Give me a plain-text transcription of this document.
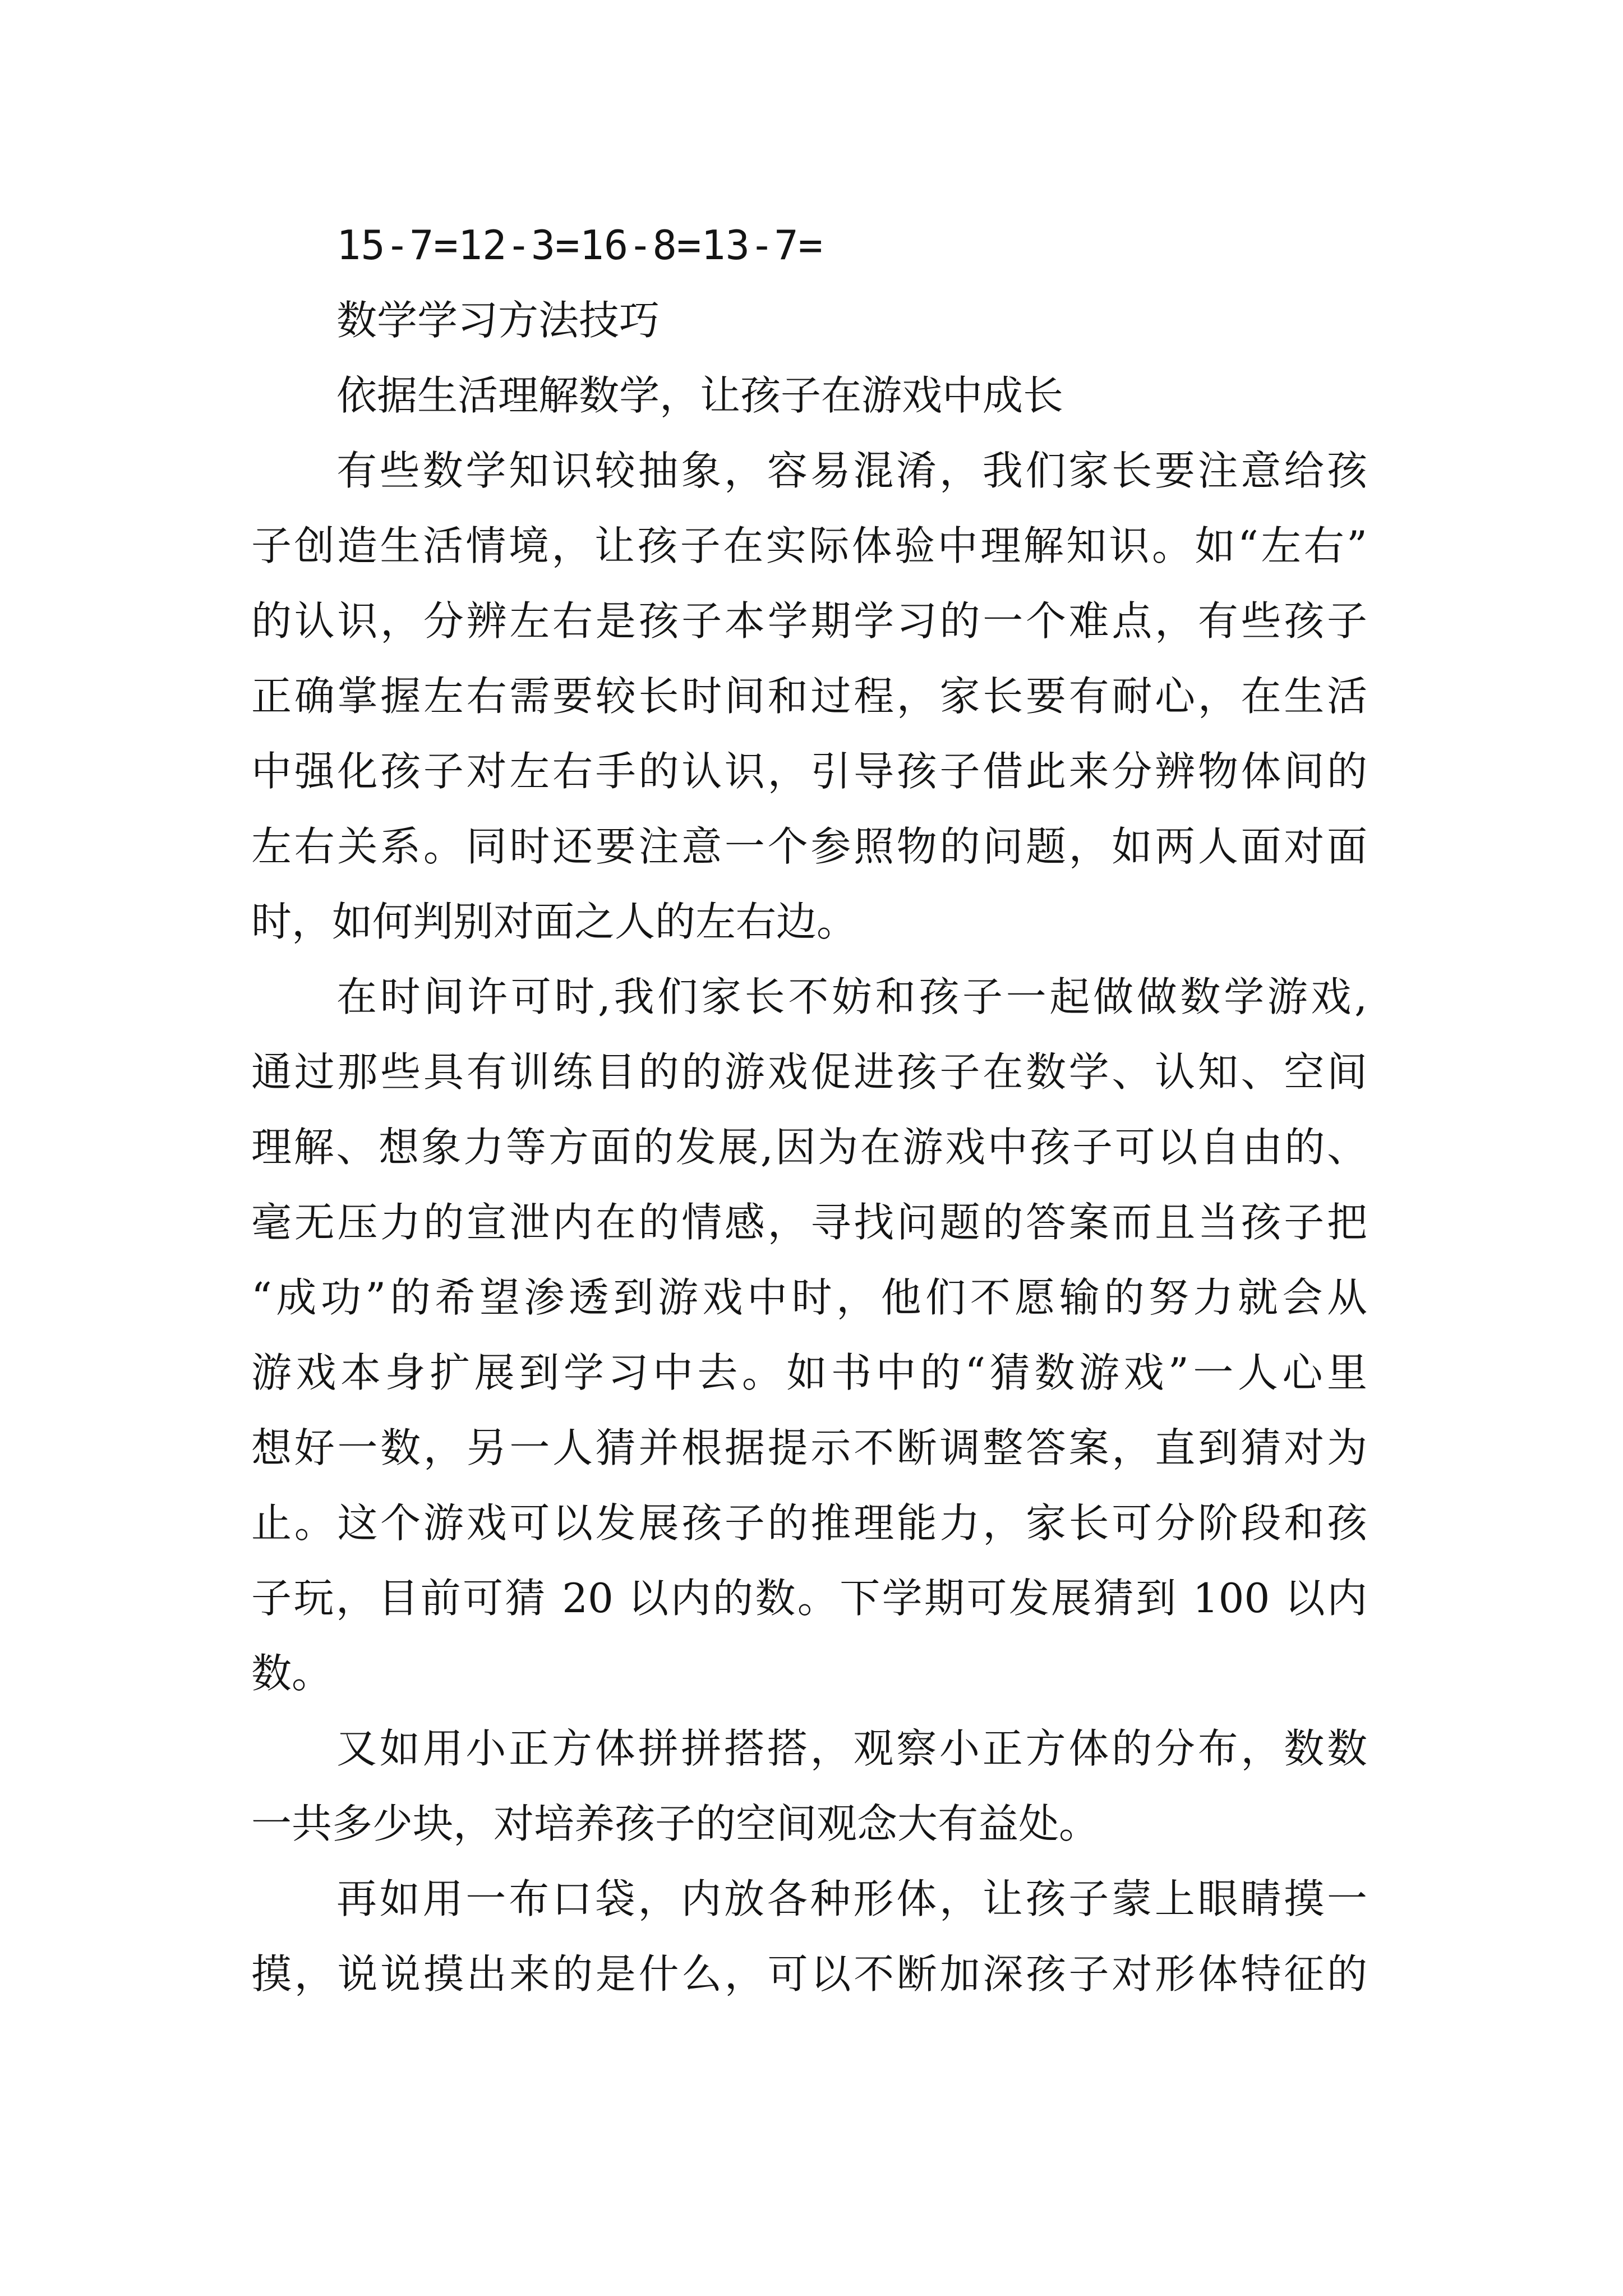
15-7=12-3=16-8=13-7=

数学学习方法技巧

依据生活理解数学，让孩子在游戏中成长

有些数学知识较抽象，容易混淆，我们家长要注意给孩

子创造生活情境，让孩子在实际体验中理解知识。如“左右”

的认识，分辨左右是孩子本学期学习的一个难点，有些孩子

正确掌握左右需要较长时间和过程，家长要有耐心，在生活

中强化孩子对左右手的认识，引导孩子借此来分辨物体间的

左右关系。同时还要注意一个参照物的问题，如两人面对面

时，如何判别对面之人的左右边。

在时间许可时,我们家长不妨和孩子一起做做数学游戏,

通过那些具有训练目的的游戏促进孩子在数学、认知、空间

理解、想象力等方面的发展,因为在游戏中孩子可以自由的、

毫无压力的宣泄内在的情感，寻找问题的答案而且当孩子把

“成功”的希望渗透到游戏中时，他们不愿输的努力就会从

游戏本身扩展到学习中去。如书中的“猜数游戏”一人心里

想好一数，另一人猜并根据提示不断调整答案，直到猜对为

止。这个游戏可以发展孩子的推理能力，家长可分阶段和孩

子玩，目前可猜 20 以内的数。下学期可发展猜到 100 以内

数。

又如用小正方体拼拼搭搭，观察小正方体的分布，数数

一共多少块，对培养孩子的空间观念大有益处。

再如用一布口袋，内放各种形体，让孩子蒙上眼睛摸一

摸，说说摸出来的是什么，可以不断加深孩子对形体特征的
